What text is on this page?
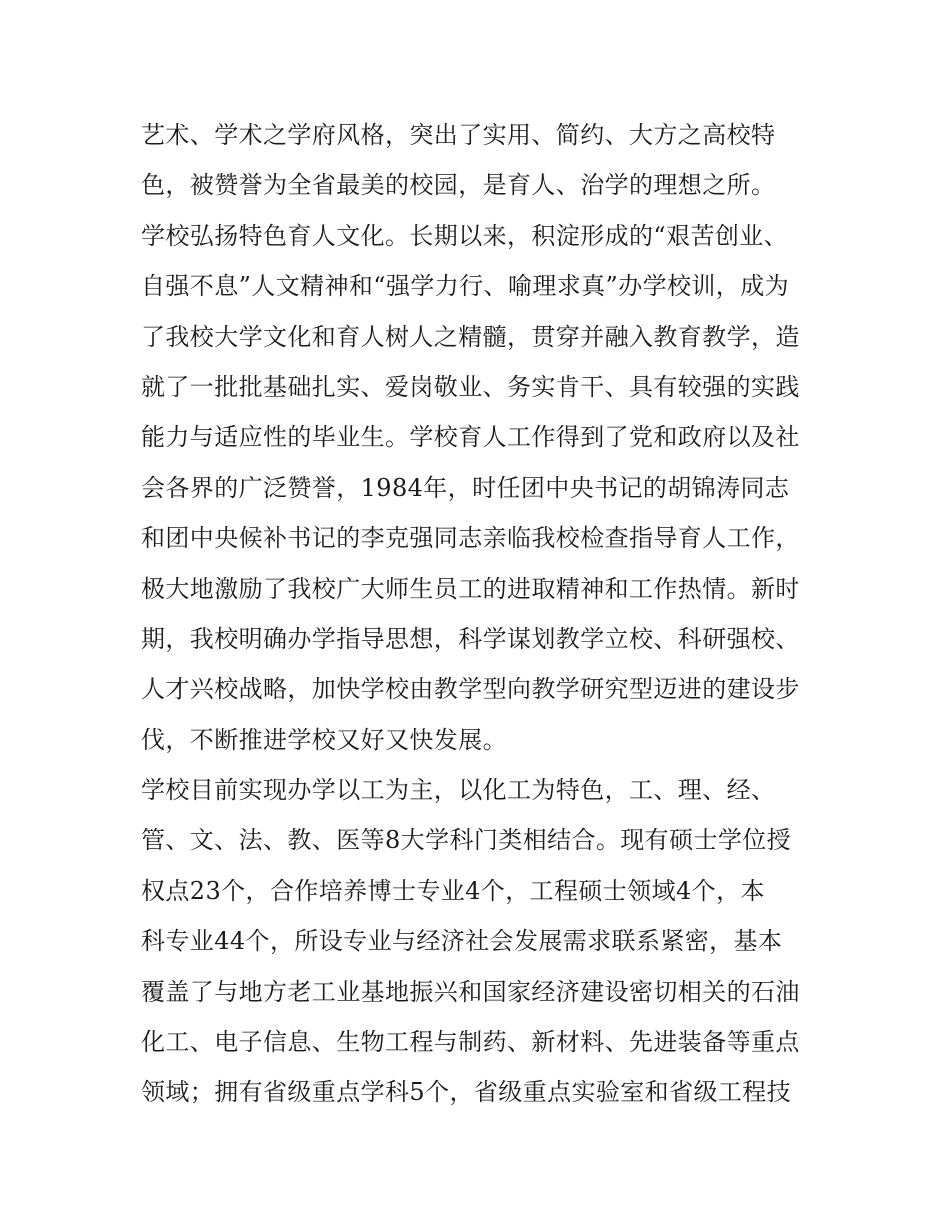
艺术、学术之学府风格，突出了实用、简约、大方之高校特
色，被赞誉为全省最美的校园，是育人、治学的理想之所。
学校弘扬特色育人文化。长期以来，积淀形成的“艰苦创业、
自强不息”人文精神和“强学力行、喻理求真”办学校训，成为
了我校大学文化和育人树人之精髓，贯穿并融入教育教学，造
就了一批批基础扎实、爱岗敬业、务实肯干、具有较强的实践
能力与适应性的毕业生。学校育人工作得到了党和政府以及社
会各界的广泛赞誉，1984年，时任团中央书记的胡锦涛同志
和团中央候补书记的李克强同志亲临我校检查指导育人工作，
极大地激励了我校广大师生员工的进取精神和工作热情。新时
期，我校明确办学指导思想，科学谋划教学立校、科研强校、
人才兴校战略，加快学校由教学型向教学研究型迈进的建设步
伐，不断推进学校又好又快发展。
学校目前实现办学以工为主，以化工为特色，工、理、经、
管、文、法、教、医等8大学科门类相结合。现有硕士学位授
权点23个，合作培养博士专业4个，工程硕士领域4个，本
科专业44个，所设专业与经济社会发展需求联系紧密，基本
覆盖了与地方老工业基地振兴和国家经济建设密切相关的石油
化工、电子信息、生物工程与制药、新材料、先进装备等重点
领域；拥有省级重点学科5个，省级重点实验室和省级工程技
